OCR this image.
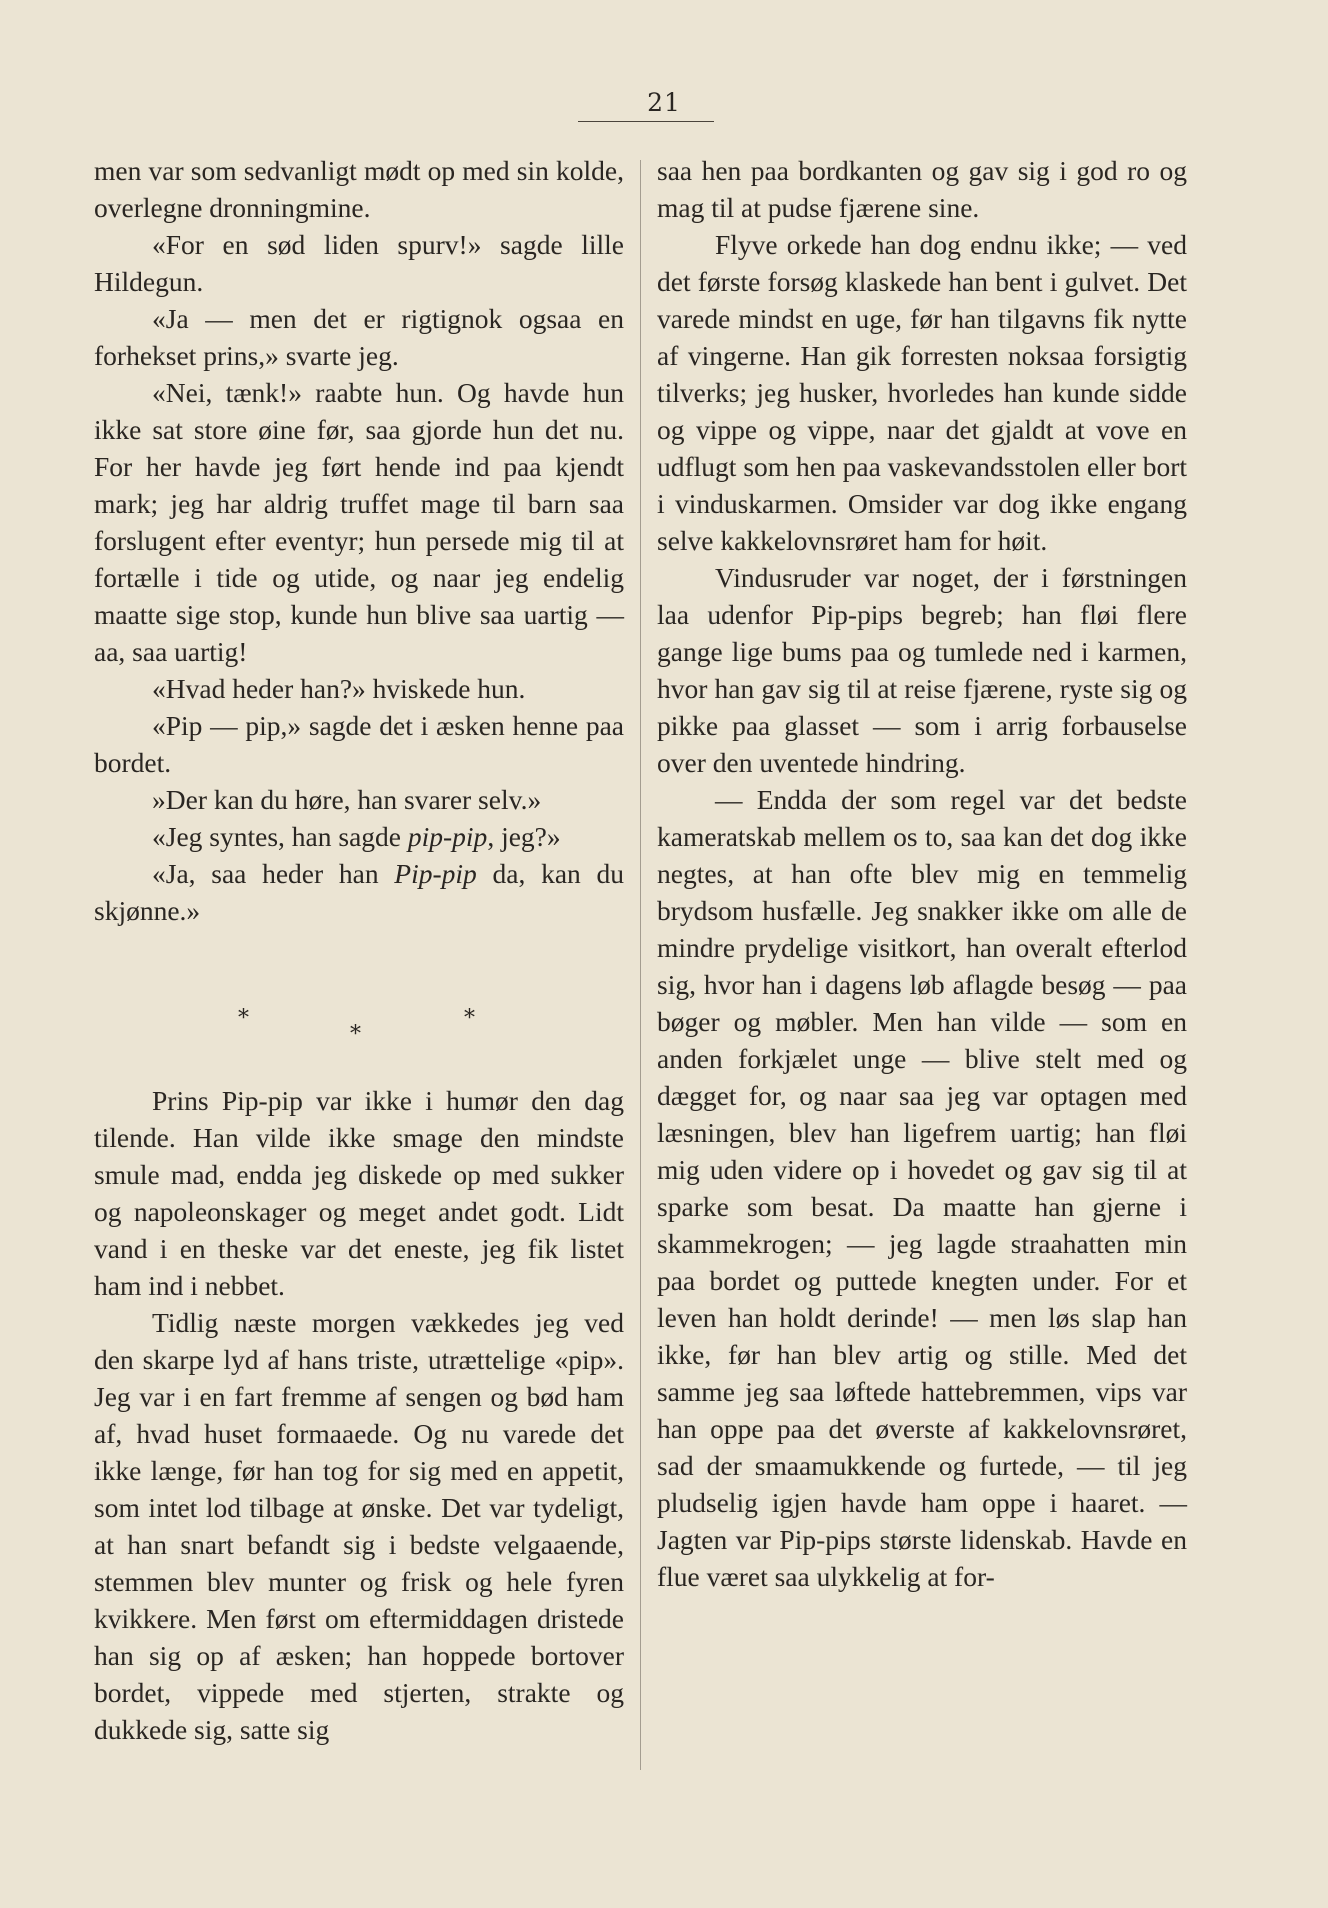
21

men var som sedvanligt mødt op med sin kolde, overlegne dronningmine.

«For en sød liden spurv!» sagde lille Hildegun.

«Ja — men det er rigtignok ogsaa en forhekset prins,» svarte jeg.

«Nei, tænk!» raabte hun. Og havde hun ikke sat store øine før, saa gjorde hun det nu. For her havde jeg ført hende ind paa kjendt mark; jeg har aldrig truffet mage til barn saa forslugent efter eventyr; hun persede mig til at fortælle i tide og utide, og naar jeg endelig maatte sige stop, kunde hun blive saa uartig — aa, saa uartig!

«Hvad heder han?» hviskede hun.

«Pip — pip,» sagde det i æsken henne paa bordet.

»Der kan du høre, han svarer selv.»

«Jeg syntes, han sagde pip-pip, jeg?»

«Ja, saa heder han Pip-pip da, kan du skjønne.»

*
*
*

Prins Pip-pip var ikke i humør den dag tilende. Han vilde ikke smage den mindste smule mad, endda jeg diskede op med sukker og napoleonskager og meget andet godt. Lidt vand i en theske var det eneste, jeg fik listet ham ind i nebbet.

Tidlig næste morgen vækkedes jeg ved den skarpe lyd af hans triste, utrættelige «pip». Jeg var i en fart fremme af sengen og bød ham af, hvad huset formaaede. Og nu varede det ikke længe, før han tog for sig med en appetit, som intet lod tilbage at ønske. Det var tydeligt, at han snart befandt sig i bedste velgaaende, stemmen blev munter og frisk og hele fyren kvikkere. Men først om eftermiddagen dristede han sig op af æsken; han hoppede bortover bordet, vippede med stjerten, strakte og dukkede sig, satte sig

saa hen paa bordkanten og gav sig i god ro og mag til at pudse fjærene sine.

Flyve orkede han dog endnu ikke; — ved det første forsøg klaskede han bent i gulvet. Det varede mindst en uge, før han tilgavns fik nytte af vingerne. Han gik forresten noksaa forsigtig tilverks; jeg husker, hvorledes han kunde sidde og vippe og vippe, naar det gjaldt at vove en udflugt som hen paa vaskevandsstolen eller bort i vinduskarmen. Omsider var dog ikke engang selve kakkelovnsrøret ham for høit.

Vindusruder var noget, der i førstningen laa udenfor Pip-pips begreb; han fløi flere gange lige bums paa og tumlede ned i karmen, hvor han gav sig til at reise fjærene, ryste sig og pikke paa glasset — som i arrig forbauselse over den uventede hindring.

— Endda der som regel var det bedste kameratskab mellem os to, saa kan det dog ikke negtes, at han ofte blev mig en temmelig brydsom husfælle. Jeg snakker ikke om alle de mindre prydelige visitkort, han overalt efterlod sig, hvor han i dagens løb aflagde besøg — paa bøger og møbler. Men han vilde — som en anden forkjælet unge — blive stelt med og dægget for, og naar saa jeg var optagen med læsningen, blev han ligefrem uartig; han fløi mig uden videre op i hovedet og gav sig til at sparke som besat. Da maatte han gjerne i skammekrogen; — jeg lagde straahatten min paa bordet og puttede knegten under. For et leven han holdt derinde! — men løs slap han ikke, før han blev artig og stille. Med det samme jeg saa løftede hattebremmen, vips var han oppe paa det øverste af kakkelovnsrøret, sad der smaamukkende og furtede, — til jeg pludselig igjen havde ham oppe i haaret. — Jagten var Pip-pips største lidenskab. Havde en flue været saa ulykkelig at for-
